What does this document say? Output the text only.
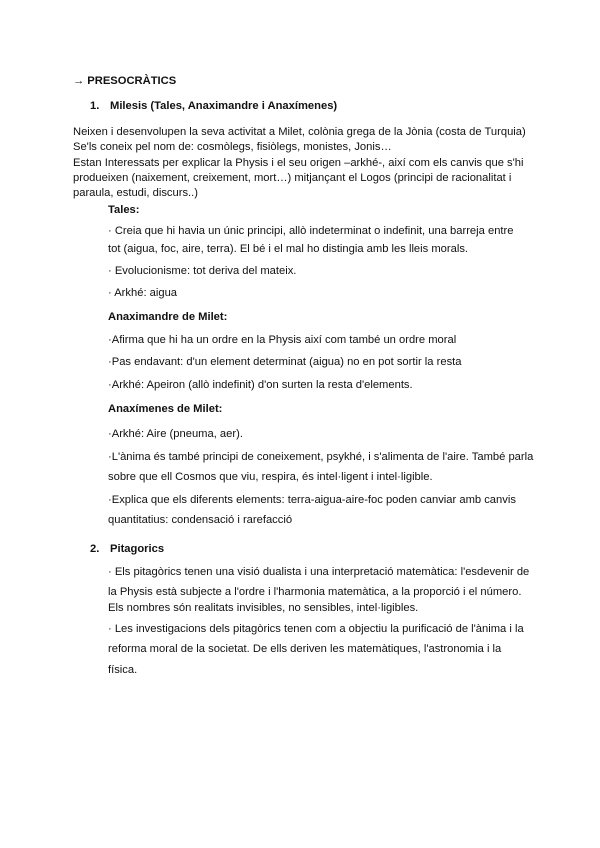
→ PRESOCRÀTICS
1. Milesis (Tales, Anaximandre i Anaxímenes)
Neixen i desenvolupen la seva activitat a Milet, colònia grega de la Jònia (costa de Turquia)
Se'ls coneix pel nom de: cosmòlegs, fisiòlegs, monistes, Jonis…
Estan Interessats per explicar la Physis i el seu origen –arkhé-, així com els canvis que s'hi
produeixen (naixement, creixement, mort…) mitjançant el Logos (principi de racionalitat i
paraula, estudi, discurs..)
Tales:
· Creia que hi havia un únic principi, allò indeterminat o indefinit, una barreja entre
tot (aigua, foc, aire, terra). El bé i el mal ho distingia amb les lleis morals.
· Evolucionisme: tot deriva del mateix.
· Arkhé: aigua
Anaximandre de Milet:
·Afirma que hi ha un ordre en la Physis així com també un ordre moral
·Pas endavant: d'un element determinat (aigua) no en pot sortir la resta
·Arkhé: Apeiron (allò indefinit) d'on surten la resta d'elements.
Anaxímenes de Milet:
·Arkhé: Aire (pneuma, aer).
·L'ànima és també principi de coneixement, psykhé, i s'alimenta de l'aire. També parla
sobre que ell Cosmos que viu, respira, és intel·ligent i intel·ligible.
·Explica que els diferents elements: terra-aigua-aire-foc poden canviar amb canvis
quantitatius: condensació i rarefacció
2. Pitagorics
· Els pitagòrics tenen una visió dualista i una interpretació matemàtica: l'esdevenir de
la Physis està subjecte a l'ordre i l'harmonia matemàtica, a la proporció i el número.
Els nombres són realitats invisibles, no sensibles, intel·ligibles.
· Les investigacions dels pitagòrics tenen com a objectiu la purificació de l'ànima i la
reforma moral de la societat. De ells deriven les matemàtiques, l'astronomia i la
física.
